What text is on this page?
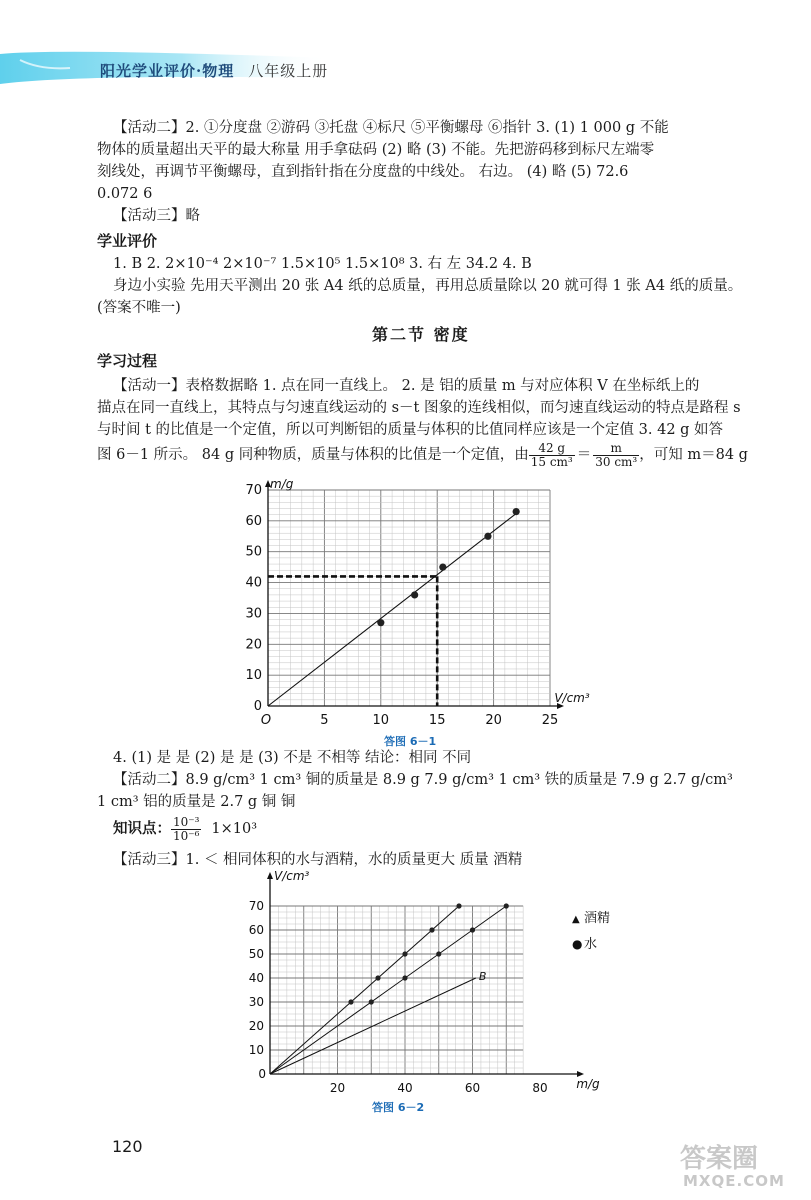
阳光学业评价·物理 八年级上册
【活动二】2. ①分度盘 ②游码 ③托盘 ④标尺 ⑤平衡螺母 ⑥指针 3. (1) 1 000 g 不能
物体的质量超出天平的最大称量 用手拿砝码 (2) 略 (3) 不能。先把游码移到标尺左端零
刻线处，再调节平衡螺母，直到指针指在分度盘的中线处。 右边。 (4) 略 (5) 72.6
0.072 6
【活动三】略
学业评价
1. B 2. 2×10⁻⁴ 2×10⁻⁷ 1.5×10⁵ 1.5×10⁸ 3. 右 左 34.2 4. B
身边小实验 先用天平测出 20 张 A4 纸的总质量，再用总质量除以 20 就可得 1 张 A4 纸的质量。
(答案不唯一)
第二节 密度
学习过程
【活动一】表格数据略 1. 点在同一直线上。 2. 是 铝的质量 m 与对应体积 V 在坐标纸上的
描点在同一直线上，其特点与匀速直线运动的 s－t 图象的连线相似，而匀速直线运动的特点是路程 s
与时间 t 的比值是一个定值，所以可判断铝的质量与体积的比值同样应该是一个定值 3. 42 g 如答
图 6－1 所示。 84 g 同种物质，质量与体积的比值是一个定值，由 $\frac{42 g}{\text{15 cm³}} = \frac{m}{\text{30 cm³}}$ ，可知 m＝84 g
0
10
20
30
40
50
60
70
5	10	15	20	25
O
m/g
V/cm³
答图 6－1
4. (1) 是 是 (2) 是 是 (3) 不是 不相等 结论：相同 不同
【活动二】8.9 g/cm³ 1 cm³ 铜的质量是 8.9 g 7.9 g/cm³ 1 cm³ 铁的质量是 7.9 g 2.7 g/cm³
1 cm³ 铝的质量是 2.7 g 铜 铜
知识点： $\frac{\text{10⁻³}}{\text{10⁻⁶}} 1\times 10^3$
【活动三】1. ＜ 相同体积的水与酒精，水的质量更大 质量 酒精
10
20
30
40
50
60
70
20	40	60	80
0
V/cm³
m/g
B
▲ 酒精
● 水
答图 6－2
120	答案圈
MXQE.COM
